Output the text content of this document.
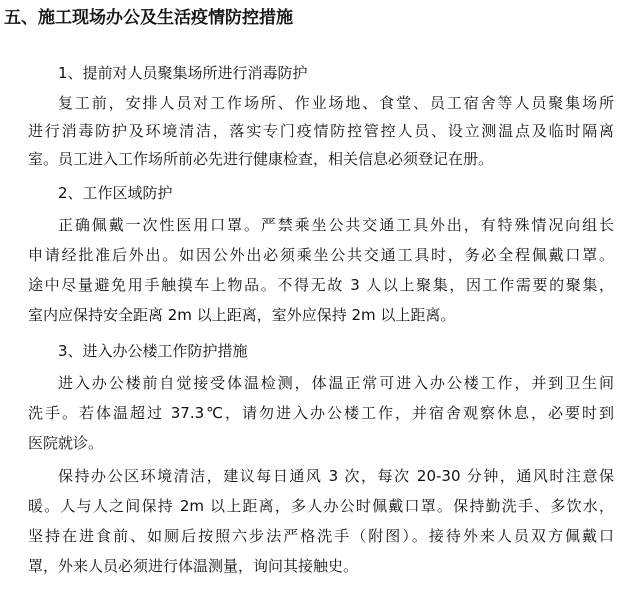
五、施工现场办公及生活疫情防控措施
1、提前对人员聚集场所进行消毒防护
复工前，安排人员对工作场所、作业场地、食堂、员工宿舍等人员聚集场所
进行消毒防护及环境清洁，落实专门疫情防控管控人员、设立测温点及临时隔离
室。员工进入工作场所前必先进行健康检查，相关信息必须登记在册。
2、工作区域防护
正确佩戴一次性医用口罩。严禁乘坐公共交通工具外出，有特殊情况向组长
申请经批准后外出。如因公外出必须乘坐公共交通工具时，务必全程佩戴口罩。
途中尽量避免用手触摸车上物品。不得无故 3 人以上聚集，因工作需要的聚集，
室内应保持安全距离 2m 以上距离，室外应保持 2m 以上距离。
3、进入办公楼工作防护措施
进入办公楼前自觉接受体温检测，体温正常可进入办公楼工作，并到卫生间
洗手。若体温超过 37.3℃，请勿进入办公楼工作，并宿舍观察休息，必要时到
医院就诊。
保持办公区环境清洁，建议每日通风 3 次，每次 20-30 分钟，通风时注意保
暖。人与人之间保持 2m 以上距离，多人办公时佩戴口罩。保持勤洗手、多饮水，
坚持在进食前、如厕后按照六步法严格洗手（附图）。接待外来人员双方佩戴口
罩，外来人员必须进行体温测量，询问其接触史。
